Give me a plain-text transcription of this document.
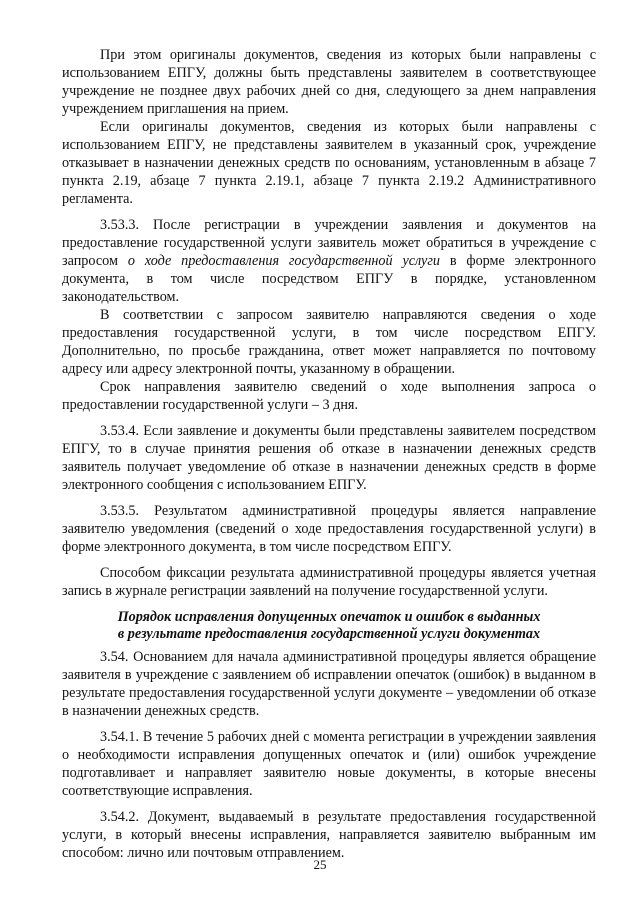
При этом оригиналы документов, сведения из которых были направлены с использованием ЕПГУ, должны быть представлены заявителем в соответствующее учреждение не позднее двух рабочих дней со дня, следующего за днем направления учреждением приглашения на прием.

Если оригиналы документов, сведения из которых были направлены с использованием ЕПГУ, не представлены заявителем в указанный срок, учреждение отказывает в назначении денежных средств по основаниям, установленным в абзаце 7 пункта 2.19, абзаце 7 пункта 2.19.1, абзаце 7 пункта 2.19.2 Административного регламента.

3.53.3. После регистрации в учреждении заявления и документов на предоставление государственной услуги заявитель может обратиться в учреждение с запросом о ходе предоставления государственной услуги в форме электронного документа, в том числе посредством ЕПГУ в порядке, установленном законодательством.

В соответствии с запросом заявителю направляются сведения о ходе предоставления государственной услуги, в том числе посредством ЕПГУ. Дополнительно, по просьбе гражданина, ответ может направляется по почтовому адресу или адресу электронной почты, указанному в обращении.

Срок направления заявителю сведений о ходе выполнения запроса о предоставлении государственной услуги – 3 дня.

3.53.4. Если заявление и документы были представлены заявителем посредством ЕПГУ, то в случае принятия решения об отказе в назначении денежных средств заявитель получает уведомление об отказе в назначении денежных средств в форме электронного сообщения с использованием ЕПГУ.

3.53.5. Результатом административной процедуры является направление заявителю уведомления (сведений о ходе предоставления государственной услуги) в форме электронного документа, в том числе посредством ЕПГУ.

Способом фиксации результата административной процедуры является учетная запись в журнале регистрации заявлений на получение государственной услуги.

Порядок исправления допущенных опечаток и ошибок в выданных
в результате предоставления государственной услуги документах

3.54. Основанием для начала административной процедуры является обращение заявителя в учреждение с заявлением об исправлении опечаток (ошибок) в выданном в результате предоставления государственной услуги документе – уведомлении об отказе в назначении денежных средств.

3.54.1. В течение 5 рабочих дней с момента регистрации в учреждении заявления о необходимости исправления допущенных опечаток и (или) ошибок учреждение подготавливает и направляет заявителю новые документы, в которые внесены соответствующие исправления.

3.54.2. Документ, выдаваемый в результате предоставления государственной услуги, в который внесены исправления, направляется заявителю выбранным им способом: лично или почтовым отправлением.

25
